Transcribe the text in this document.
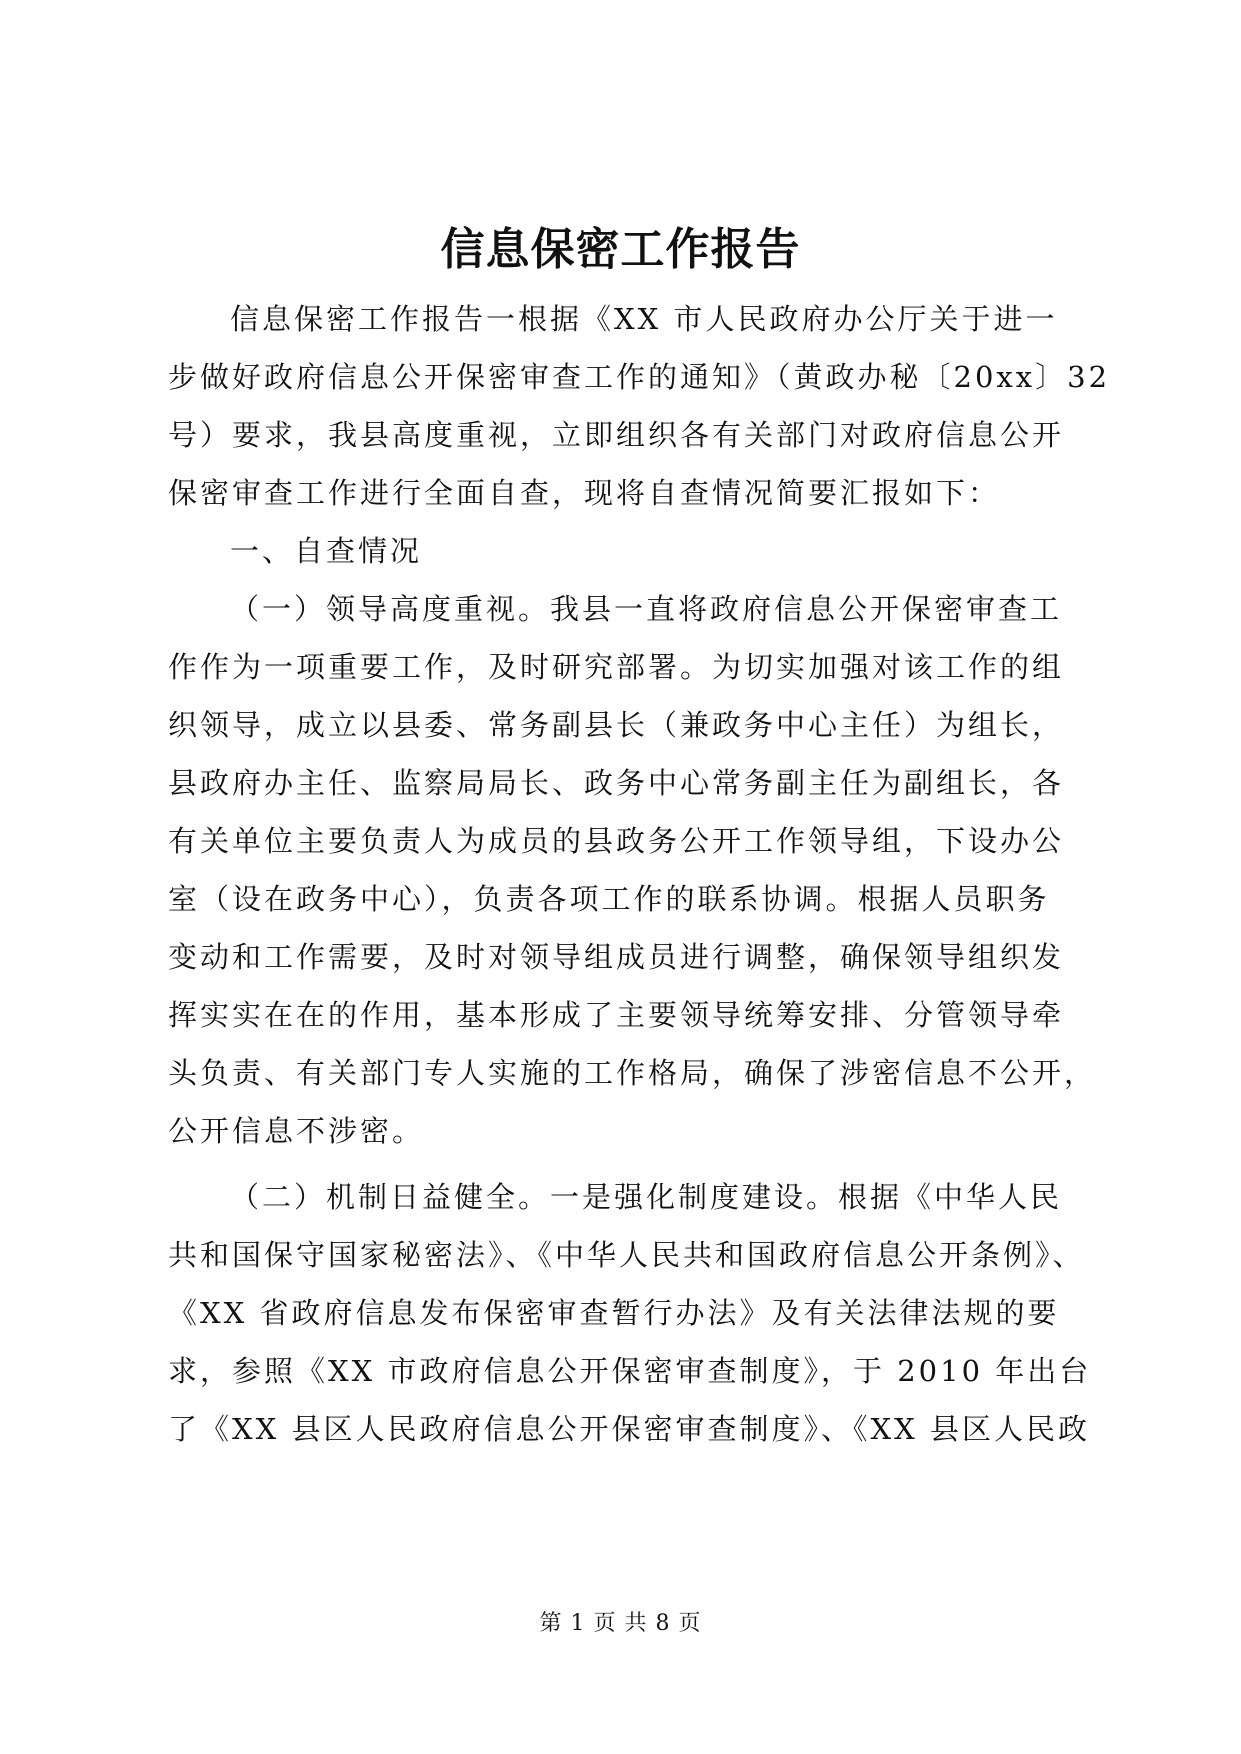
信息保密工作报告
信息保密工作报告一根据《XX 市人民政府办公厅关于进一
步做好政府信息公开保密审查工作的通知》（黄政办秘〔20xx〕32
号）要求，我县高度重视，立即组织各有关部门对政府信息公开
保密审查工作进行全面自查，现将自查情况简要汇报如下：
一、自查情况
（一）领导高度重视。我县一直将政府信息公开保密审查工
作作为一项重要工作，及时研究部署。为切实加强对该工作的组
织领导，成立以县委、常务副县长（兼政务中心主任）为组长，
县政府办主任、监察局局长、政务中心常务副主任为副组长，各
有关单位主要负责人为成员的县政务公开工作领导组，下设办公
室（设在政务中心），负责各项工作的联系协调。根据人员职务
变动和工作需要，及时对领导组成员进行调整，确保领导组织发
挥实实在在的作用，基本形成了主要领导统筹安排、分管领导牵
头负责、有关部门专人实施的工作格局，确保了涉密信息不公开，
公开信息不涉密。
（二）机制日益健全。一是强化制度建设。根据《中华人民
共和国保守国家秘密法》、《中华人民共和国政府信息公开条例》、
《XX 省政府信息发布保密审查暂行办法》及有关法律法规的要
求，参照《XX 市政府信息公开保密审查制度》，于 2010 年出台
了《XX 县区人民政府信息公开保密审查制度》、《XX 县区人民政
第 1 页 共 8 页
